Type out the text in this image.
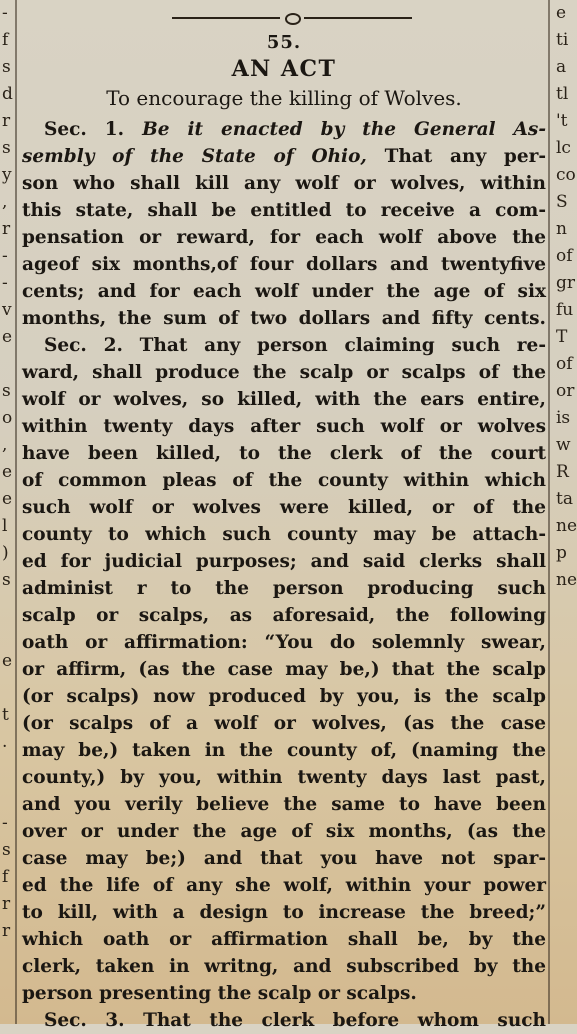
-
f
s
d
r
s
y
,
r
-
-
v
e
s
o
,
e
e
l
)
s
e
t
.
-
s
f
r
r
55.
AN ACT
To encourage the killing of Wolves.
Sec. 1. Be it enacted by the General As-
sembly of the State of Ohio, That any per-
son who shall kill any wolf or wolves, within
this state, shall be entitled to receive a com-
pensation or reward, for each wolf above the
ageof six months,of four dollars and twentyfive
cents; and for each wolf under the age of six
months, the sum of two dollars and fifty cents.
Sec. 2. That any person claiming such re-
ward, shall produce the scalp or scalps of the
wolf or wolves, so killed, with the ears entire,
within twenty days after such wolf or wolves
have been killed, to the clerk of the court
of common pleas of the county within which
such wolf or wolves were killed, or of the
county to which such county may be attach-
ed for judicial purposes; and said clerks shall
administ r to the person producing such
scalp or scalps, as aforesaid, the following
oath or affirmation: “You do solemnly swear,
or affirm, (as the case may be,) that the scalp
(or scalps) now produced by you, is the scalp
(or scalps of a wolf or wolves, (as the case
may be,) taken in the county of, (naming the
county,) by you, within twenty days last past,
and you verily believe the same to have been
over or under the age of six months, (as the
case may be;) and that you have not spar-
ed the life of any she wolf, within your power
to kill, with a design to increase the breed;”
which oath or affirmation shall be, by the
clerk, taken in writng, and subscribed by the
person presenting the scalp or scalps.
Sec. 3. That the clerk before whom such
e
ti
a
tl
't
lc
co
S
n
of
gr
fu
T
of
or
is
w
R
ta
ne
p
ne
